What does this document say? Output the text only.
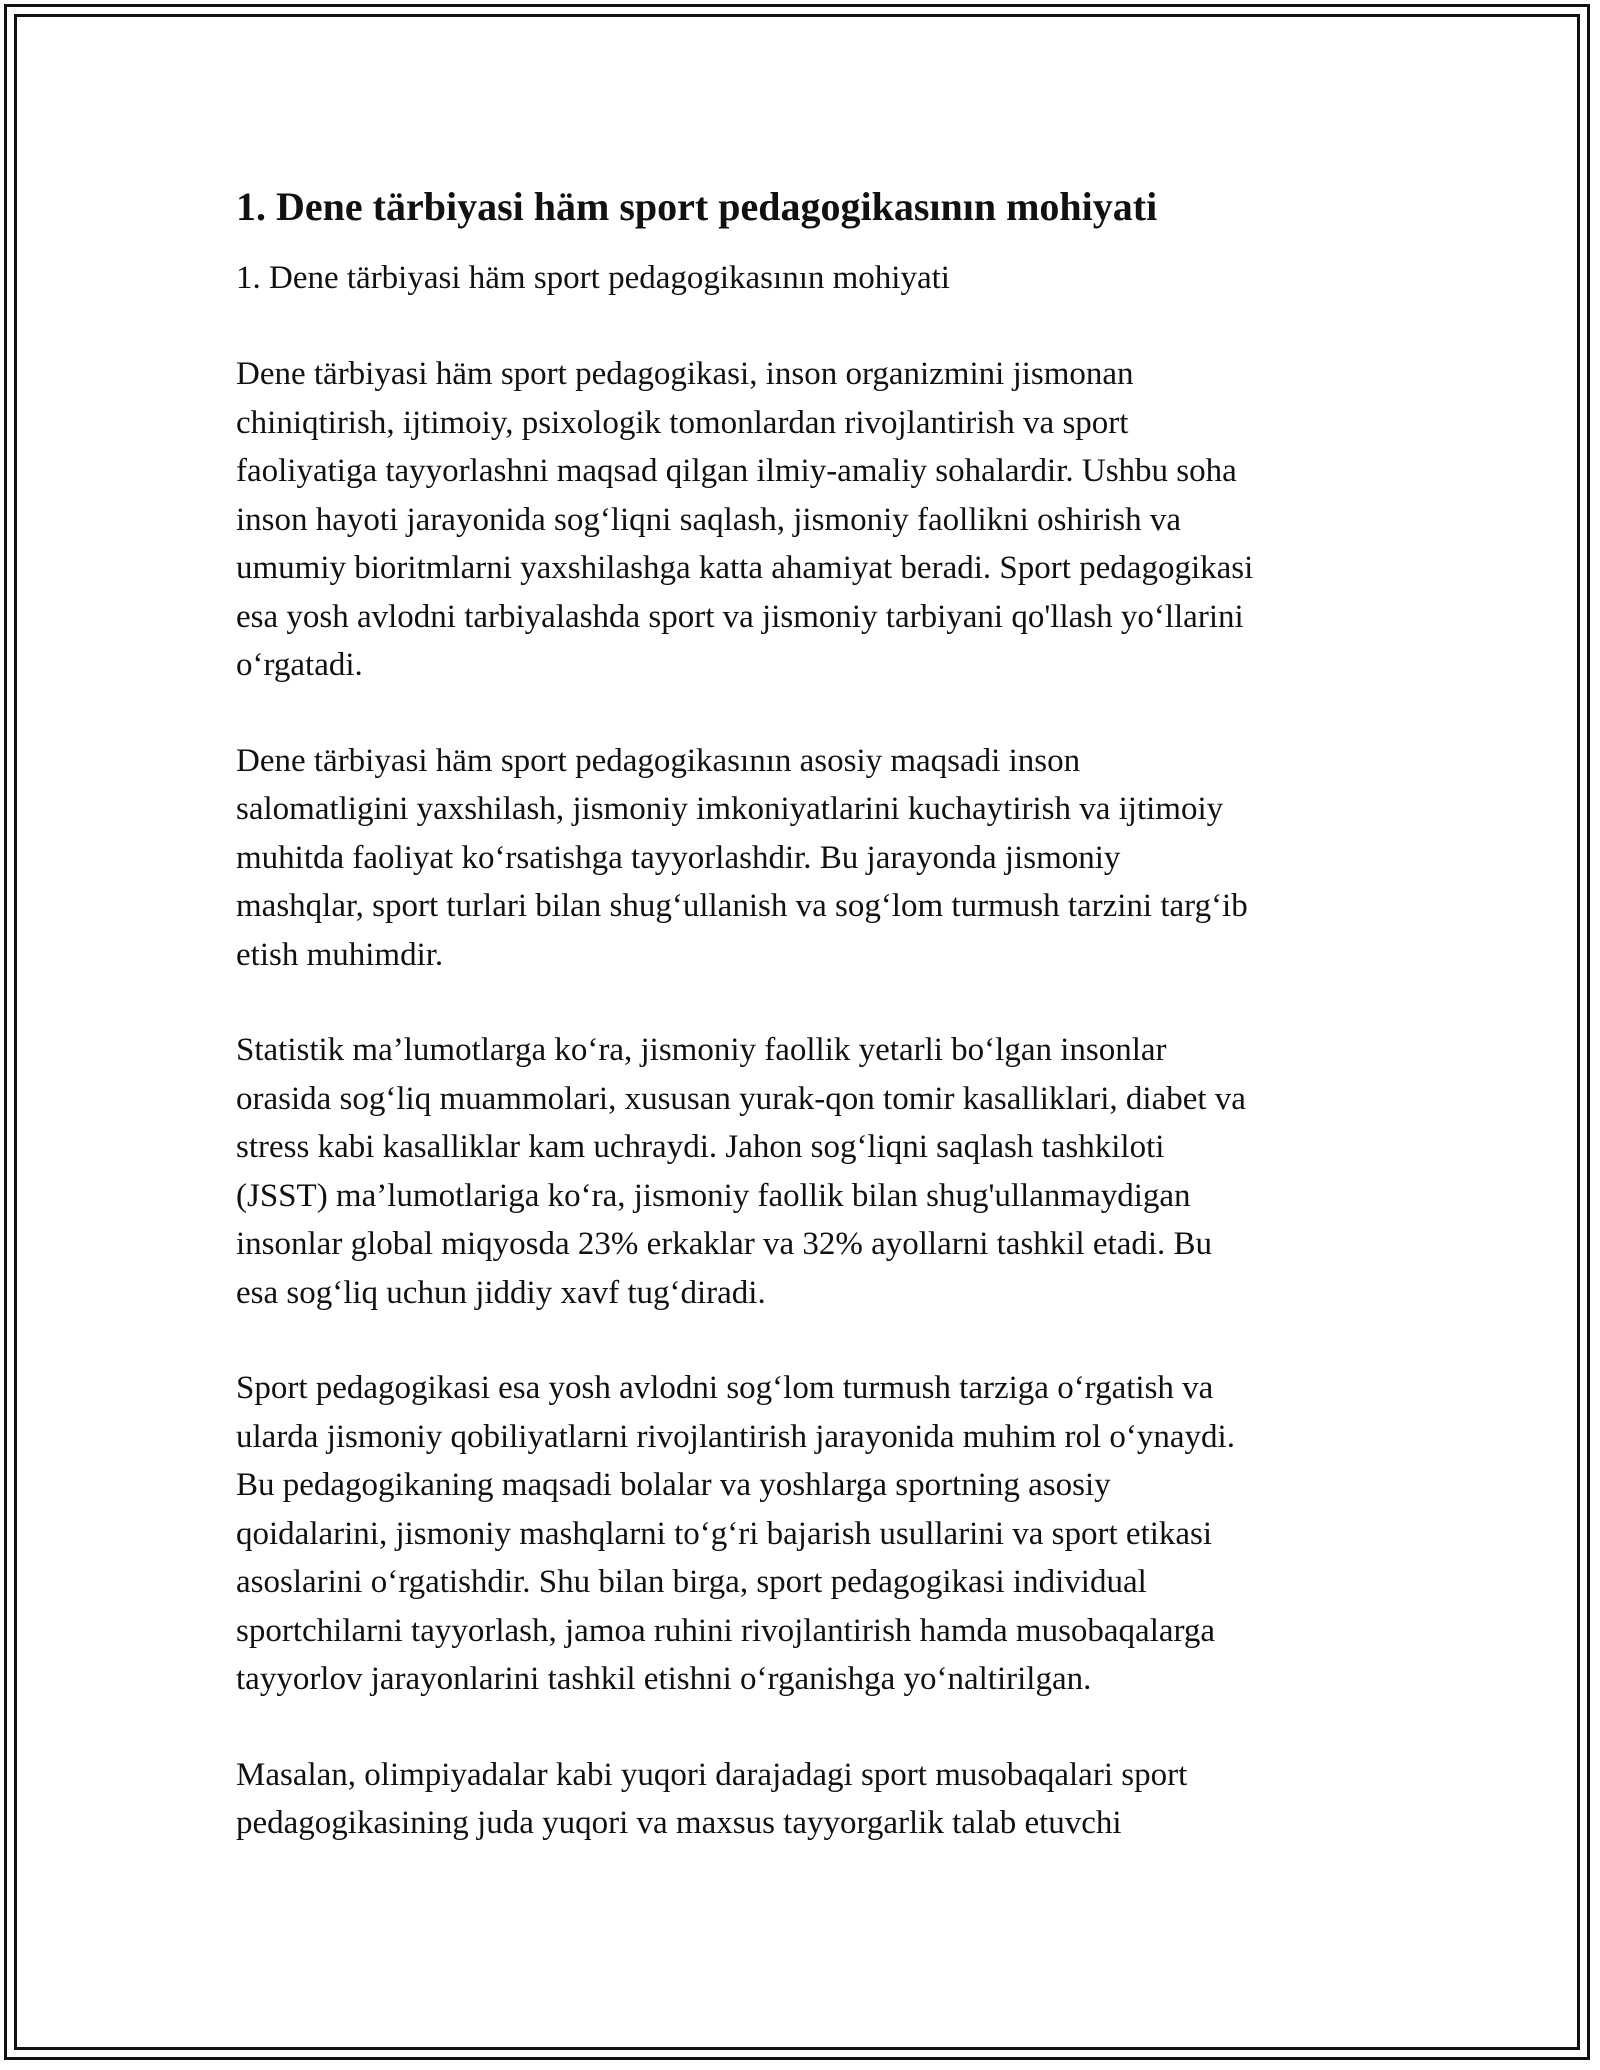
1. Dene tärbiyasi häm sport pedagogikasının mohiyati
1. Dene tärbiyasi häm sport pedagogikasının mohiyati
Dene tärbiyasi häm sport pedagogikasi, inson organizmini jismonan
chiniqtirish, ijtimoiy, psixologik tomonlardan rivojlantirish va sport
faoliyatiga tayyorlashni maqsad qilgan ilmiy-amaliy sohalardir. Ushbu soha
inson hayoti jarayonida sog‘liqni saqlash, jismoniy faollikni oshirish va
umumiy bioritmlarni yaxshilashga katta ahamiyat beradi. Sport pedagogikasi
esa yosh avlodni tarbiyalashda sport va jismoniy tarbiyani qo'llash yo‘llarini
o‘rgatadi.
Dene tärbiyasi häm sport pedagogikasının asosiy maqsadi inson
salomatligini yaxshilash, jismoniy imkoniyatlarini kuchaytirish va ijtimoiy
muhitda faoliyat ko‘rsatishga tayyorlashdir. Bu jarayonda jismoniy
mashqlar, sport turlari bilan shug‘ullanish va sog‘lom turmush tarzini targ‘ib
etish muhimdir.
Statistik ma’lumotlarga ko‘ra, jismoniy faollik yetarli bo‘lgan insonlar
orasida sog‘liq muammolari, xususan yurak-qon tomir kasalliklari, diabet va
stress kabi kasalliklar kam uchraydi. Jahon sog‘liqni saqlash tashkiloti
(JSST) ma’lumotlariga ko‘ra, jismoniy faollik bilan shug'ullanmaydigan
insonlar global miqyosda 23% erkaklar va 32% ayollarni tashkil etadi. Bu
esa sog‘liq uchun jiddiy xavf tug‘diradi.
Sport pedagogikasi esa yosh avlodni sog‘lom turmush tarziga o‘rgatish va
ularda jismoniy qobiliyatlarni rivojlantirish jarayonida muhim rol o‘ynaydi.
Bu pedagogikaning maqsadi bolalar va yoshlarga sportning asosiy
qoidalarini, jismoniy mashqlarni to‘g‘ri bajarish usullarini va sport etikasi
asoslarini o‘rgatishdir. Shu bilan birga, sport pedagogikasi individual
sportchilarni tayyorlash, jamoa ruhini rivojlantirish hamda musobaqalarga
tayyorlov jarayonlarini tashkil etishni o‘rganishga yo‘naltirilgan.
Masalan, olimpiyadalar kabi yuqori darajadagi sport musobaqalari sport
pedagogikasining juda yuqori va maxsus tayyorgarlik talab etuvchi
